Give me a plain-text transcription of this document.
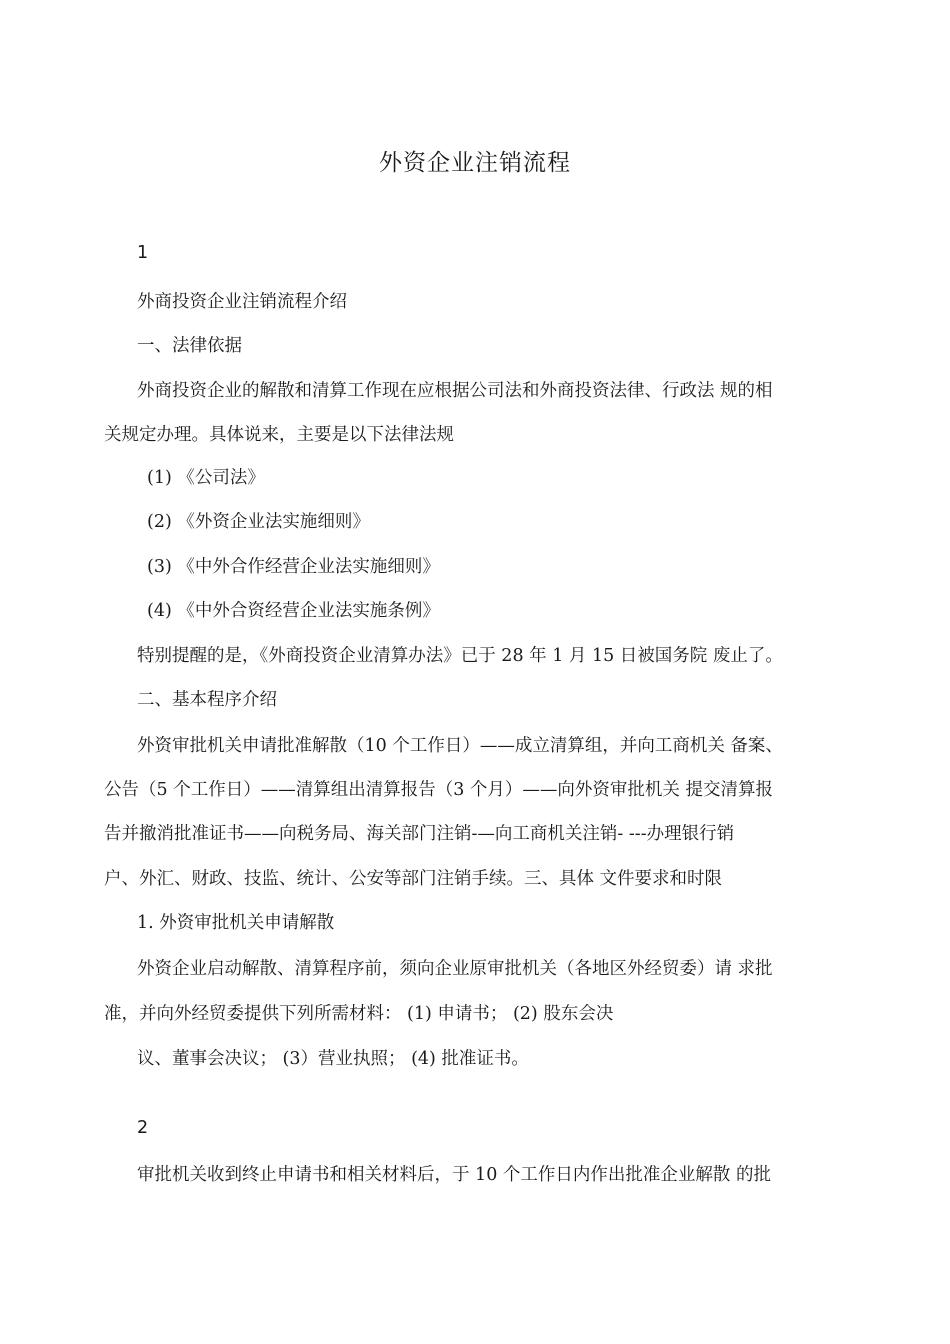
外资企业注销流程
1
外商投资企业注销流程介绍
一、法律依据
外商投资企业的解散和清算工作现在应根据公司法和外商投资法律、行政法 规的相
关规定办理。具体说来，主要是以下法律法规
(1) 《公司法》
(2) 《外资企业法实施细则》
(3) 《中外合作经营企业法实施细则》
(4) 《中外合资经营企业法实施条例》
特别提醒的是，《外商投资企业清算办法》已于 28 年 1 月 15 日被国务院 废止了。
二、基本程序介绍
外资审批机关申请批准解散（10 个工作日）——成立清算组，并向工商机关 备案、
公告（5 个工作日）——清算组出清算报告（3 个月）——向外资审批机关 提交清算报
告并撤消批准证书——向税务局、海关部门注销-—向工商机关注销- ---办理银行销
户、外汇、财政、技监、统计、公安等部门注销手续。三、具体 文件要求和时限
1. 外资审批机关申请解散
外资企业启动解散、清算程序前，须向企业原审批机关（各地区外经贸委）请 求批
准，并向外经贸委提供下列所需材料： (1) 申请书； (2) 股东会决
议、董事会决议； (3）营业执照； (4) 批准证书。
2
审批机关收到终止申请书和相关材料后，于 10 个工作日内作出批准企业解散 的批
